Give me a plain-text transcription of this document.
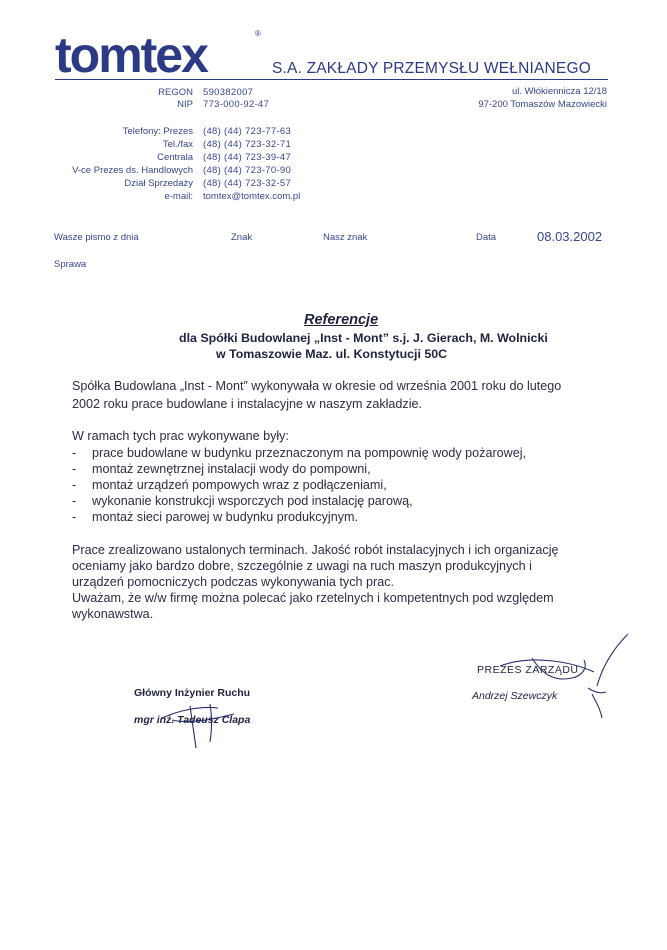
tomtex	®
S.A. ZAKŁADY PRZEMYSŁU WEŁNIANEGO
REGON 590382007
NIP 773-000-92-47
ul. Włókiennicza 12/18
97-200 Tomaszów Mazowiecki
Telefony: Prezes (48) (44) 723-77-63
Tel./fax (48) (44) 723-32-71
Centrala (48) (44) 723-39-47
V-ce Prezes ds. Handlowych (48) (44) 723-70-90
Dział Sprzedaży (48) (44) 723-32-57
e-mail: tomtex@tomtex.com.pl
Wasze pismo z dnia	Znak	Nasz znak	Data	08.03.2002
Sprawa
Referencje
dla Spółki Budowlanej „Inst - Mont” s.j. J. Gierach, M. Wolnicki
w Tomaszowie Maz. ul. Konstytucji 50C
Spółka Budowlana „Inst - Mont” wykonywała w okresie od września 2001 roku do lutego
2002 roku prace budowlane i instalacyjne w naszym zakładzie.
W ramach tych prac wykonywane były:
- prace budowlane w budynku przeznaczonym na pompownię wody pożarowej,
- montaż zewnętrznej instalacji wody do pompowni,
- montaż urządzeń pompowych wraz z podłączeniami,
- wykonanie konstrukcji wsporczych pod instalację parową,
- montaż sieci parowej w budynku produkcyjnym.
Prace zrealizowano ustalonych terminach. Jakość robót instalacyjnych i ich organizację
oceniamy jako bardzo dobre, szczególnie z uwagi na ruch maszyn produkcyjnych i
urządzeń pomocniczych podczas wykonywania tych prac.
Uważam, że w/w firmę można polecać jako rzetelnych i kompetentnych pod względem
wykonawstwa.
Główny Inżynier Ruchu
mgr inż. Tadeusz Clapa
PREZES ZARZĄDU
Andrzej Szewczyk
